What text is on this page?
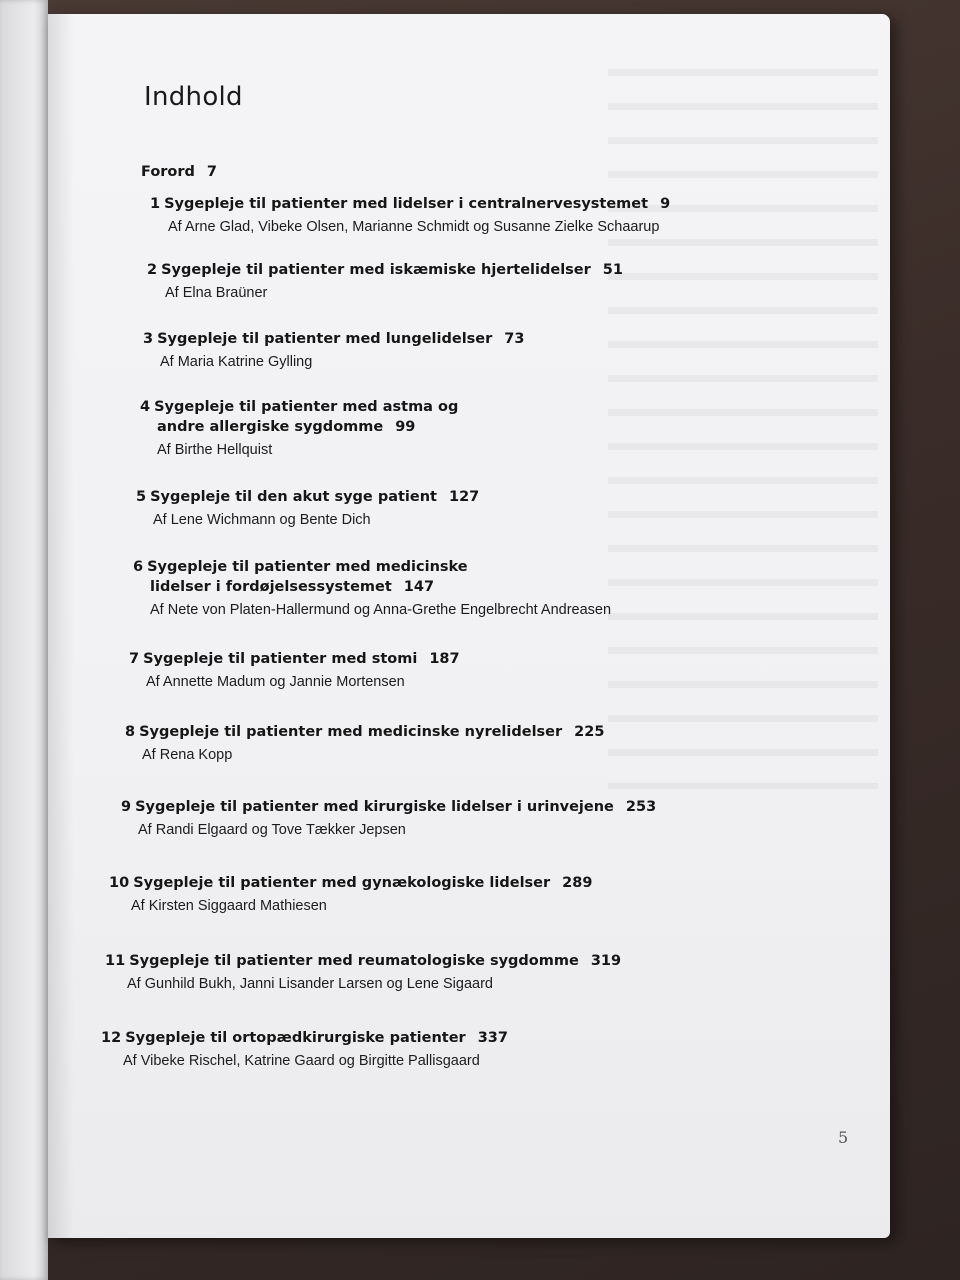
Indhold
Forord 7
1 Sygepleje til patienter med lidelser i centralnervesystemet 9
Af Arne Glad, Vibeke Olsen, Marianne Schmidt og Susanne Zielke Schaarup
2 Sygepleje til patienter med iskæmiske hjertelidelser 51
Af Elna Braüner
3 Sygepleje til patienter med lungelidelser 73
Af Maria Katrine Gylling
4 Sygepleje til patienter med astma og
andre allergiske sygdomme 99
Af Birthe Hellquist
5 Sygepleje til den akut syge patient 127
Af Lene Wichmann og Bente Dich
6 Sygepleje til patienter med medicinske
lidelser i fordøjelsessystemet 147
Af Nete von Platen-Hallermund og Anna-Grethe Engelbrecht Andreasen
7 Sygepleje til patienter med stomi 187
Af Annette Madum og Jannie Mortensen
8 Sygepleje til patienter med medicinske nyrelidelser 225
Af Rena Kopp
9 Sygepleje til patienter med kirurgiske lidelser i urinvejene 253
Af Randi Elgaard og Tove Tækker Jepsen
10 Sygepleje til patienter med gynækologiske lidelser 289
Af Kirsten Siggaard Mathiesen
11 Sygepleje til patienter med reumatologiske sygdomme 319
Af Gunhild Bukh, Janni Lisander Larsen og Lene Sigaard
12 Sygepleje til ortopædkirurgiske patienter 337
Af Vibeke Rischel, Katrine Gaard og Birgitte Pallisgaard
5
